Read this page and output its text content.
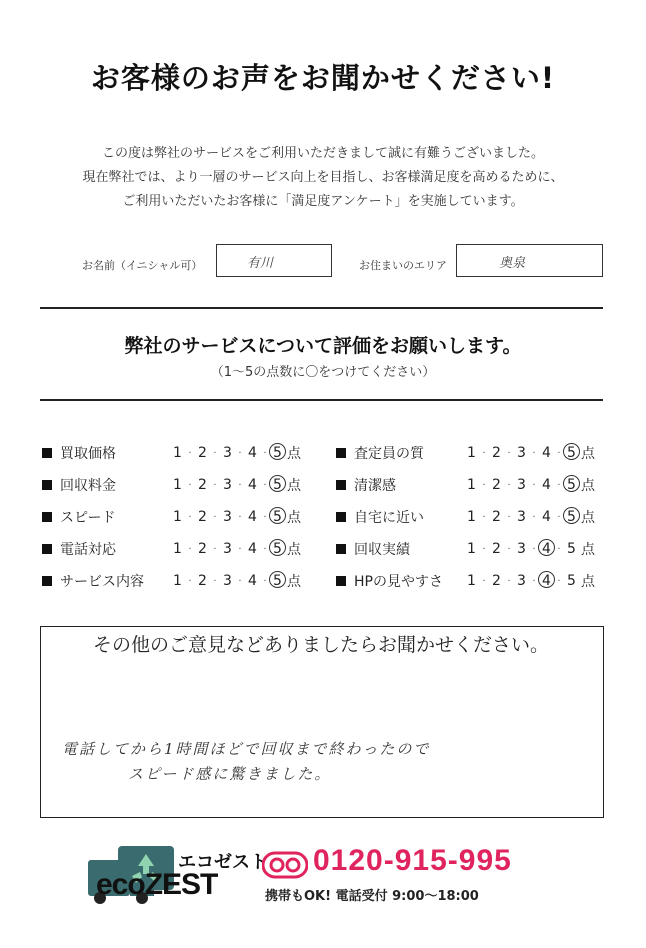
お客様のお声をお聞かせください!
この度は弊社のサービスをご利用いただきまして誠に有難うございました。
現在弊社では、より一層のサービス向上を目指し、お客様満足度を高めるために、
ご利用いただいたお客様に「満足度アンケート」を実施しています。
お名前（イニシャル可）	有川	お住まいのエリア	奥泉
弊社のサービスについて評価をお願いします。
（1〜5の点数に〇をつけてください）
買取価格	1 · 2 · 3 · 4 · 5 点
回収料金	1 · 2 · 3 · 4 · 5 点
スピード	1 · 2 · 3 · 4 · 5 点
電話対応	1 · 2 · 3 · 4 · 5 点
サービス内容	1 · 2 · 3 · 4 · 5 点
査定員の質	1 · 2 · 3 · 4 · 5 点
清潔感	1 · 2 · 3 · 4 · 5 点
自宅に近い	1 · 2 · 3 · 4 · 5 点
回収実績	1 · 2 · 3 · 4 · 5 点
HPの見やすさ	1 · 2 · 3 · 4 · 5 点
その他のご意見などありましたらお聞かせください。
電話してから1時間ほどで回収まで終わったので
スピード感に驚きました。
エコゼスト
ecoZEST
0120-915-995
携帯もOK! 電話受付 9:00〜18:00
